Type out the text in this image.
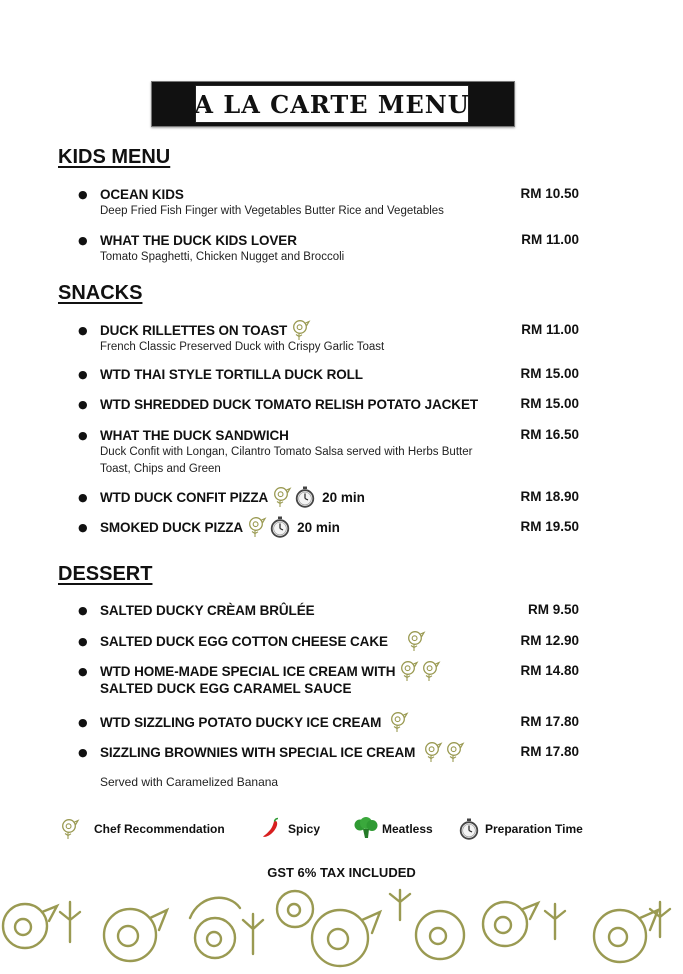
A LA CARTE MENU
KIDS MENU
● OCEAN KIDS	RM 10.50
Deep Fried Fish Finger with Vegetables Butter Rice and Vegetables
● WHAT THE DUCK KIDS LOVER	RM 11.00
Tomato Spaghetti, Chicken Nugget and Broccoli
SNACKS
● DUCK RILLETTES ON TOAST	RM 11.00
French Classic Preserved Duck with Crispy Garlic Toast
● WTD THAI STYLE TORTILLA DUCK ROLL	RM 15.00
● WTD SHREDDED DUCK TOMATO RELISH POTATO JACKET	RM 15.00
● WHAT THE DUCK SANDWICH	RM 16.50
Duck Confit with Longan, Cilantro Tomato Salsa served with Herbs Butter Toast, Chips and Green
● WTD DUCK CONFIT PIZZA	20 min	RM 18.90
● SMOKED DUCK PIZZA	20 min	RM 19.50
DESSERT
● SALTED DUCKY CRÈAM BRÛLÉE	RM 9.50
● SALTED DUCK EGG COTTON CHEESE CAKE	RM 12.90
● WTD HOME-MADE SPECIAL ICE CREAM WITH
SALTED DUCK EGG CARAMEL SAUCE
RM 14.80
● WTD SIZZLING POTATO DUCKY ICE CREAM	RM 17.80
● SIZZLING BROWNIES WITH SPECIAL ICE CREAM	RM 17.80
Served with Caramelized Banana
Chef Recommendation	Spicy	Meatless	Preparation Time
GST 6% TAX INCLUDED
